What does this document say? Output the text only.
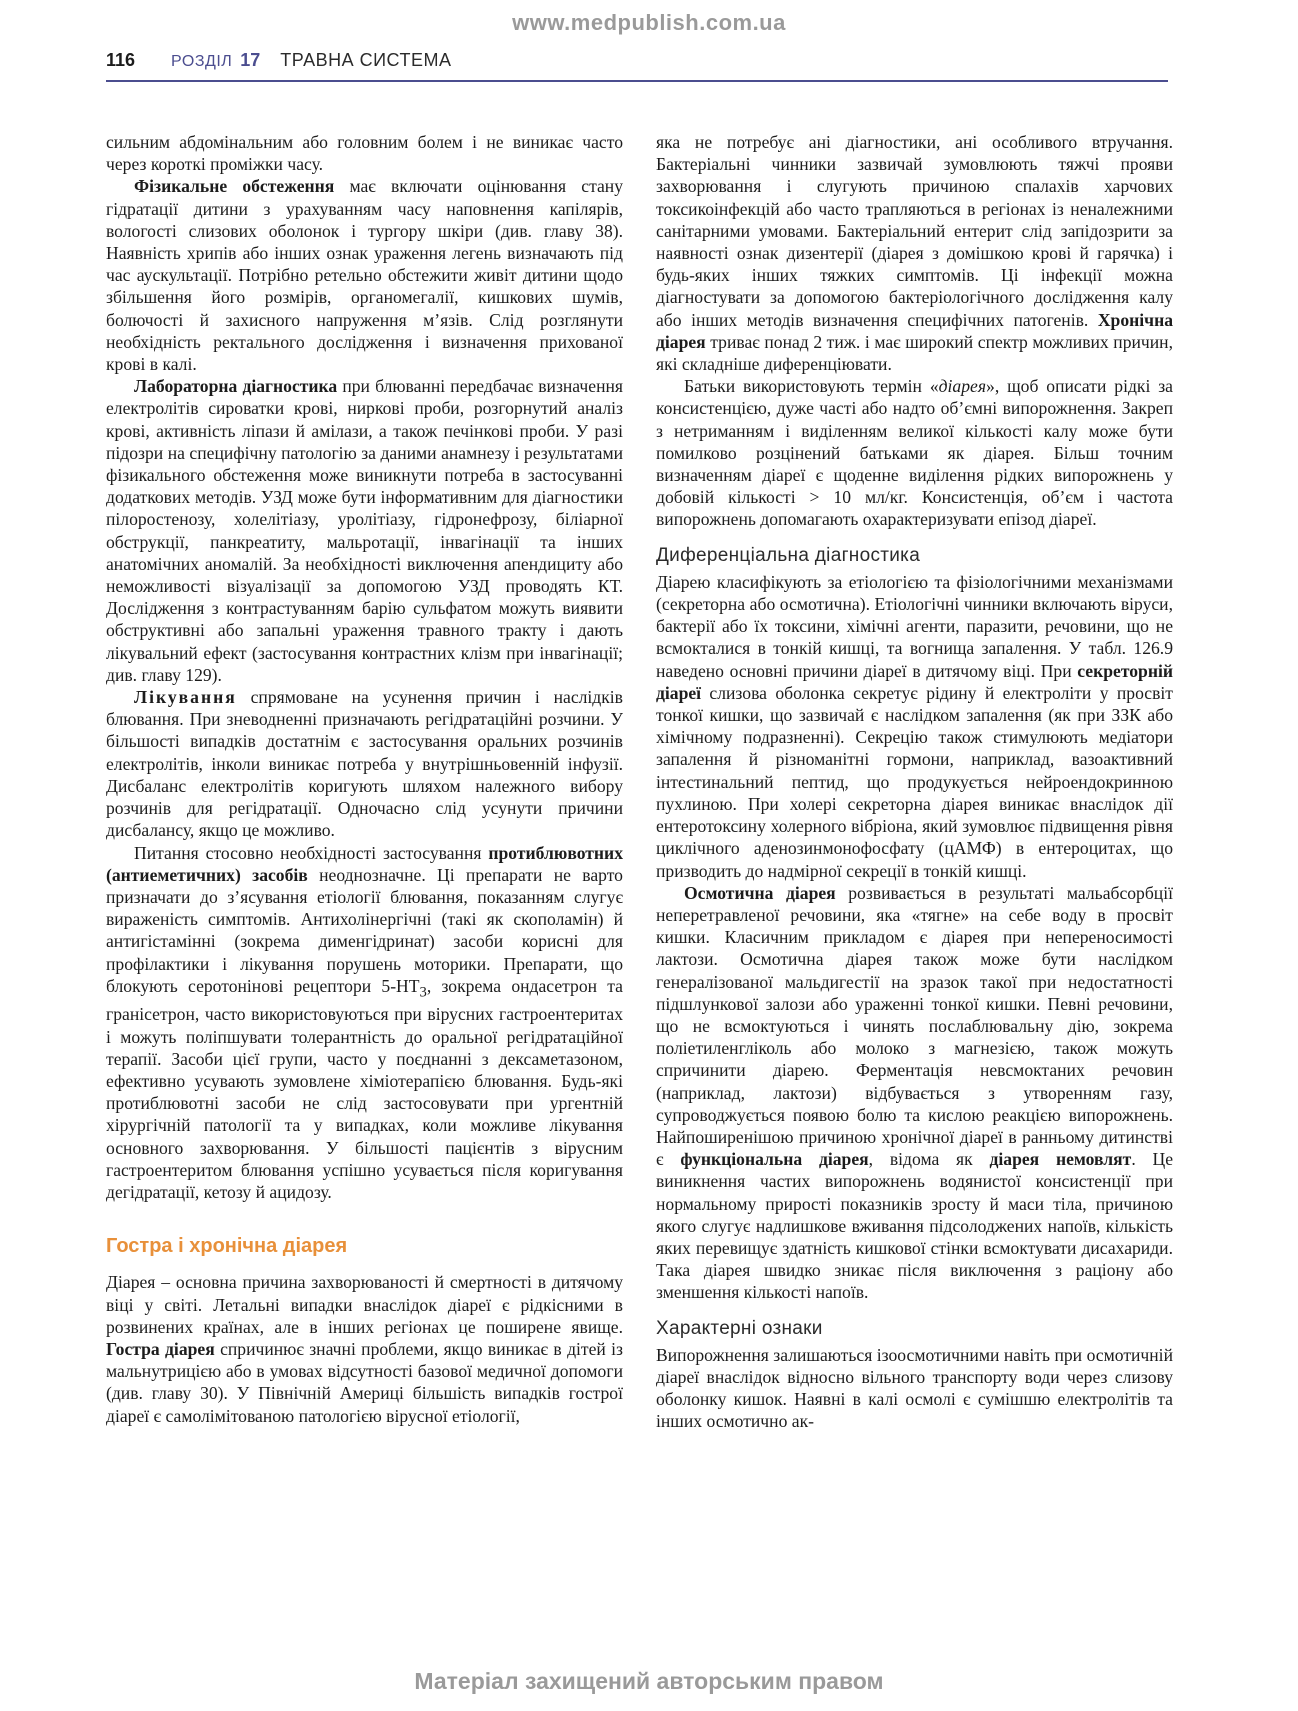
www.medpublish.com.ua
116 РОЗДІЛ 17 ТРАВНА СИСТЕМА

сильним абдомінальним або головним болем і не виникає часто через короткі проміжки часу.

Фізикальне обстеження має включати оцінювання стану гідратації дитини з урахуванням часу наповнення капілярів, вологості слизових оболонок і тургору шкіри (див. главу 38). Наявність хрипів або інших ознак ураження легень визначають під час аускультації. Потрібно ретельно обстежити живіт дитини щодо збільшення його розмірів, органомегалії, кишкових шумів, болючості й захисного напруження м’язів. Слід розглянути необхідність ректального дослідження і визначення прихованої крові в калі.

Лабораторна діагностика при блюванні передбачає визначення електролітів сироватки крові, ниркові проби, розгорнутий аналіз крові, активність ліпази й амілази, а також печінкові проби. У разі підозри на специфічну патологію за даними анамнезу і результатами фізикального обстеження може виникнути потреба в застосуванні додаткових методів. УЗД може бути інформативним для діагностики пілоростенозу, холелітіазу, уролітіазу, гідронефрозу, біліарної обструкції, панкреатиту, мальротації, інвагінації та інших анатомічних аномалій. За необхідності виключення апендициту або неможливості візуалізації за допомогою УЗД проводять КТ. Дослідження з контрастуванням барію сульфатом можуть виявити обструктивні або запальні ураження травного тракту і дають лікувальний ефект (застосування контрастних клізм при інвагінації; див. главу 129).

Лікування спрямоване на усунення причин і наслідків блювання. При зневодненні призначають регідратаційні розчини. У більшості випадків достатнім є застосування оральних розчинів електролітів, інколи виникає потреба у внутрішньовенній інфузії. Дисбаланс електролітів коригують шляхом належного вибору розчинів для регідратації. Одночасно слід усунути причини дисбалансу, якщо це можливо.

Питання стосовно необхідності застосування протиблювотних (антиеметичних) засобів неоднозначне. Ці препарати не варто призначати до з’ясування етіології блювання, показанням слугує вираженість симптомів. Антихолінергічні (такі як скополамін) й антигістамінні (зокрема дименгідринат) засоби корисні для профілактики і лікування порушень моторики. Препарати, що блокують серотонінові рецептори $5-НТ_3$, зокрема ондасетрон та гранісетрон, часто використовуються при вірусних гастроентеритах і можуть поліпшувати толерантність до оральної регідратаційної терапії. Засоби цієї групи, часто у поєднанні з дексаметазоном, ефективно усувають зумовлене хіміотерапією блювання. Будь-які протиблювотні засоби не слід застосовувати при ургентній хірургічній патології та у випадках, коли можливе лікування основного захворювання. У більшості пацієнтів з вірусним гастроентеритом блювання успішно усувається після коригування дегідратації, кетозу й ацидозу.

Гостра і хронічна діарея

Діарея – основна причина захворюваності й смертності в дитячому віці у світі. Летальні випадки внаслідок діареї є рідкісними в розвинених країнах, але в інших регіонах це поширене явище. Гостра діарея спричинює значні проблеми, якщо виникає в дітей із мальнутрицією або в умовах відсутності базової медичної допомоги (див. главу 30). У Північній Америці більшість випадків гострої діареї є самолімітованою патологією вірусної етіології,

яка не потребує ані діагностики, ані особливого втручання. Бактеріальні чинники зазвичай зумовлюють тяжчі прояви захворювання і слугують причиною спалахів харчових токсикоінфекцій або часто трапляються в регіонах із неналежними санітарними умовами. Бактеріальний ентерит слід запідозрити за наявності ознак дизентерії (діарея з домішкою крові й гарячка) і будь-яких інших тяжких симптомів. Ці інфекції можна діагностувати за допомогою бактеріологічного дослідження калу або інших методів визначення специфічних патогенів. Хронічна діарея триває понад 2 тиж. і має широкий спектр можливих причин, які складніше диференціювати.

Батьки використовують термін «діарея», щоб описати рідкі за консистенцією, дуже часті або надто об’ємні випорожнення. Закреп з нетриманням і виділенням великої кількості калу може бути помилково розцінений батьками як діарея. Більш точним визначенням діареї є щоденне виділення рідких випорожнень у добовій кількості > 10 мл/кг. Консистенція, об’єм і частота випорожнень допомагають охарактеризувати епізод діареї.

Диференціальна діагностика

Діарею класифікують за етіологією та фізіологічними механізмами (секреторна або осмотична). Етіологічні чинники включають віруси, бактерії або їх токсини, хімічні агенти, паразити, речовини, що не всмокталися в тонкій кишці, та вогнища запалення. У табл. 126.9 наведено основні причини діареї в дитячому віці. При секреторній діареї слизова оболонка секретує рідину й електроліти у просвіт тонкої кишки, що зазвичай є наслідком запалення (як при ЗЗК або хімічному подразненні). Секрецію також стимулюють медіатори запалення й різноманітні гормони, наприклад, вазоактивний інтестинальний пептид, що продукується нейроендокринною пухлиною. При холері секреторна діарея виникає внаслідок дії ентеротоксину холерного вібріона, який зумовлює підвищення рівня циклічного аденозинмонофосфату (цАМФ) в ентероцитах, що призводить до надмірної секреції в тонкій кишці.

Осмотична діарея розвивається в результаті мальабсорбції неперетравленої речовини, яка «тягне» на себе воду в просвіт кишки. Класичним прикладом є діарея при непереносимості лактози. Осмотична діарея також може бути наслідком генералізованої мальдигестії на зразок такої при недостатності підшлункової залози або ураженні тонкої кишки. Певні речовини, що не всмоктуються і чинять послаблювальну дію, зокрема поліетиленгліколь або молоко з магнезією, також можуть спричинити діарею. Ферментація невсмоктаних речовин (наприклад, лактози) відбувається з утворенням газу, супроводжується появою болю та кислою реакцією випорожнень. Найпоширенішою причиною хронічної діареї в ранньому дитинстві є функціональна діарея, відома як діарея немовлят. Це виникнення частих випорожнень водянистої консистенції при нормальному прирості показників зросту й маси тіла, причиною якого слугує надлишкове вживання підсолоджених напоїв, кількість яких перевищує здатність кишкової стінки всмоктувати дисахариди. Така діарея швидко зникає після виключення з раціону або зменшення кількості напоїв.

Характерні ознаки

Випорожнення залишаються ізоосмотичними навіть при осмотичній діареї внаслідок відносно вільного транспорту води через слизову оболонку кишок. Наявні в калі осмолі є сумішшю електролітів та інших осмотично ак-

Матеріал захищений авторським правом
